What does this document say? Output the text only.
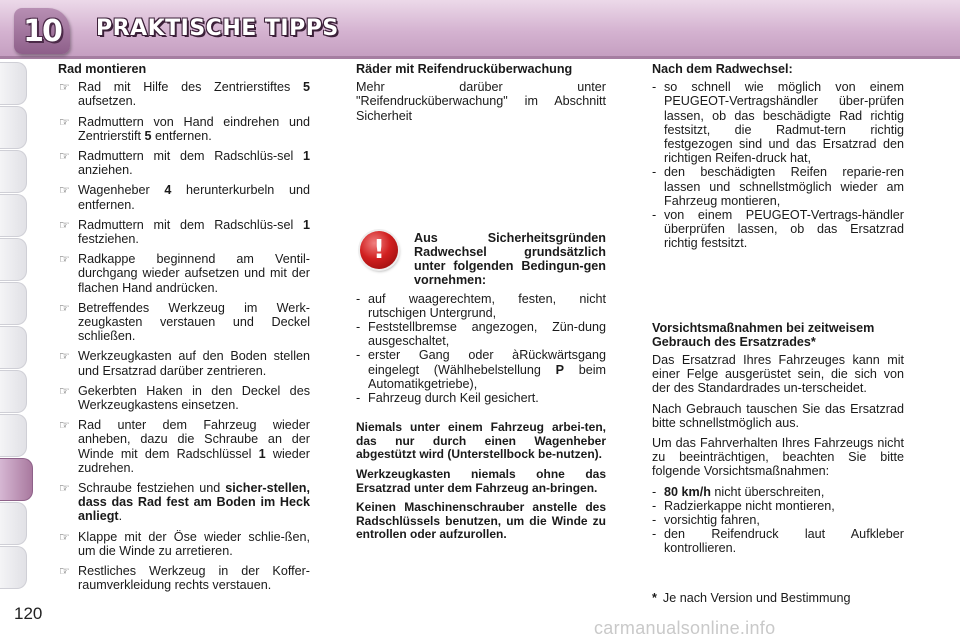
10 PRAKTISCHE TIPPS
Rad montieren
☞ Rad mit Hilfe des Zentrierstiftes 5 aufsetzen.
☞ Radmuttern von Hand eindrehen und Zentrierstift 5 entfernen.
☞ Radmuttern mit dem Radschlüs-sel 1 anziehen.
☞ Wagenheber 4 herunterkurbeln und entfernen.
☞ Radmuttern mit dem Radschlüs-sel 1 festziehen.
☞ Radkappe beginnend am Ventil-durchgang wieder aufsetzen und mit der flachen Hand andrücken.
☞ Betreffendes Werkzeug im Werk-zeugkasten verstauen und Deckel schließen.
☞ Werkzeugkasten auf den Boden stellen und Ersatzrad darüber zentrieren.
☞ Gekerbten Haken in den Deckel des Werkzeugkastens einsetzen.
☞ Rad unter dem Fahrzeug wieder anheben, dazu die Schraube an der Winde mit dem Radschlüssel 1 wieder zudrehen.
☞ Schraube festziehen und sicher-stellen, dass das Rad fest am Boden im Heck anliegt.
☞ Klappe mit der Öse wieder schlie-ßen, um die Winde zu arretieren.
☞ Restliches Werkzeug in der Koffer-raumverkleidung rechts verstauen.
Räder mit Reifendrucküberwachung
Mehr darüber unter "Reifendrucküberwachung" im Abschnitt Sicherheit
!	Aus Sicherheitsgründen Radwechsel grundsätzlich unter folgenden Bedingun-gen vornehmen:
- auf waagerechtem, festen, nicht rutschigen Untergrund,
- Feststellbremse angezogen, Zün-dung ausgeschaltet,
- erster Gang oder àRückwärtsgang eingelegt (Wählhebelstellung P beim Automatikgetriebe),
- Fahrzeug durch Keil gesichert.
Niemals unter einem Fahrzeug arbei-ten, das nur durch einen Wagenheber abgestützt wird (Unterstellbock be-nutzen).
Werkzeugkasten niemals ohne das Ersatzrad unter dem Fahrzeug an-bringen.
Keinen Maschinenschrauber anstelle des Radschlüssels benutzen, um die Winde zu entrollen oder aufzurollen.
Nach dem Radwechsel:
- so schnell wie möglich von einem PEUGEOT-Vertragshändler über-prüfen lassen, ob das beschädigte Rad richtig festsitzt, die Radmut-tern richtig festgezogen sind und das Ersatzrad den richtigen Reifen-druck hat,
- den beschädigten Reifen reparie-ren lassen und schnellstmöglich wieder am Fahrzeug montieren,
- von einem PEUGEOT-Vertrags-händler überprüfen lassen, ob das Ersatzrad richtig festsitzt.
Vorsichtsmaßnahmen bei zeitweisem Gebrauch des Ersatzrades*
Das Ersatzrad Ihres Fahrzeuges kann mit einer Felge ausgerüstet sein, die sich von der des Standardrades un-terscheidet.
Nach Gebrauch tauschen Sie das Ersatzrad bitte schnellstmöglich aus.
Um das Fahrverhalten Ihres Fahrzeugs nicht zu beeinträchtigen, beachten Sie bitte folgende Vorsichtsmaßnahmen:
- 80 km/h nicht überschreiten,
- Radzierkappe nicht montieren,
- vorsichtig fahren,
- den Reifendruck laut Aufkleber kontrollieren.
* Je nach Version und Bestimmung
120
carmanualsonline.info
